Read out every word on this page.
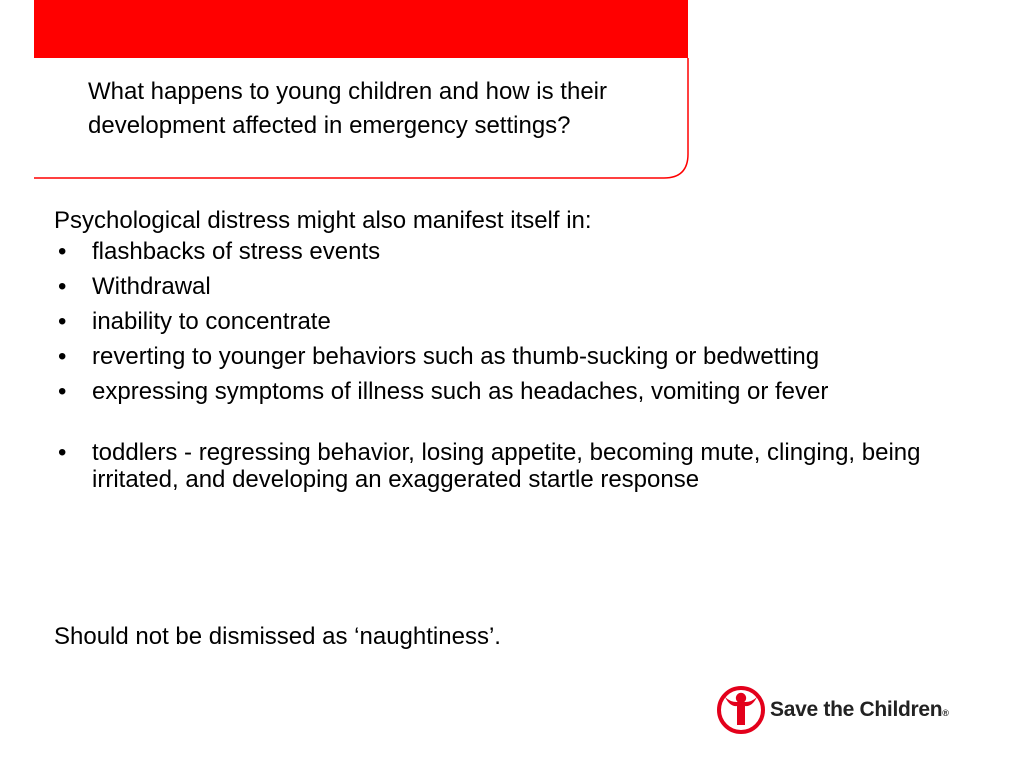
What happens to young children and how is their development affected in emergency settings?

Psychological distress might also manifest itself in:

• flashbacks of stress events
• Withdrawal
• inability to concentrate
• reverting to younger behaviors such as thumb-sucking or bedwetting
• expressing symptoms of illness such as headaches, vomiting or fever
• toddlers - regressing behavior, losing appetite, becoming mute, clinging, being irritated, and developing an exaggerated startle response

Should not be dismissed as ‘naughtiness’.

Save the Children®
